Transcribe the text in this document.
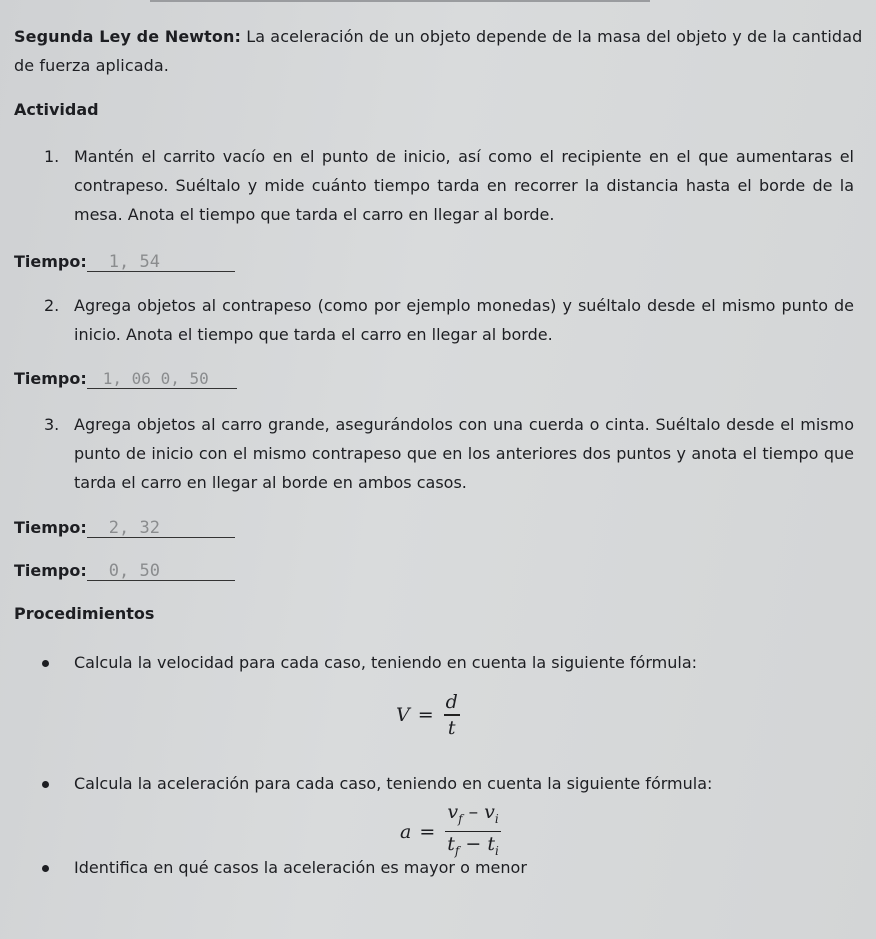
Segunda Ley de Newton: La aceleración de un objeto depende de la masa del objeto y de la cantidad de fuerza aplicada.
Actividad
1. Mantén el carrito vacío en el punto de inicio, así como el recipiente en el que aumentaras el contrapeso. Suéltalo y mide cuánto tiempo tarda en recorrer la distancia hasta el borde de la mesa. Anota el tiempo que tarda el carro en llegar al borde.
Tiempo: 1, 54
2. Agrega objetos al contrapeso (como por ejemplo monedas) y suéltalo desde el mismo punto de inicio. Anota el tiempo que tarda el carro en llegar al borde.
Tiempo: 1, 06 0, 50
3. Agrega objetos al carro grande, asegurándolos con una cuerda o cinta. Suéltalo desde el mismo punto de inicio con el mismo contrapeso que en los anteriores dos puntos y anota el tiempo que tarda el carro en llegar al borde en ambos casos.
Tiempo: 2, 32
Tiempo: 0, 50
Procedimientos
Calcula la velocidad para cada caso, teniendo en cuenta la siguiente fórmula:
$V = \frac{d}{t}$
Calcula la aceleración para cada caso, teniendo en cuenta la siguiente fórmula:
$a = \frac{v_f - v_i}{t_f - t_i}$
Identifica en qué casos la aceleración es mayor o menor
